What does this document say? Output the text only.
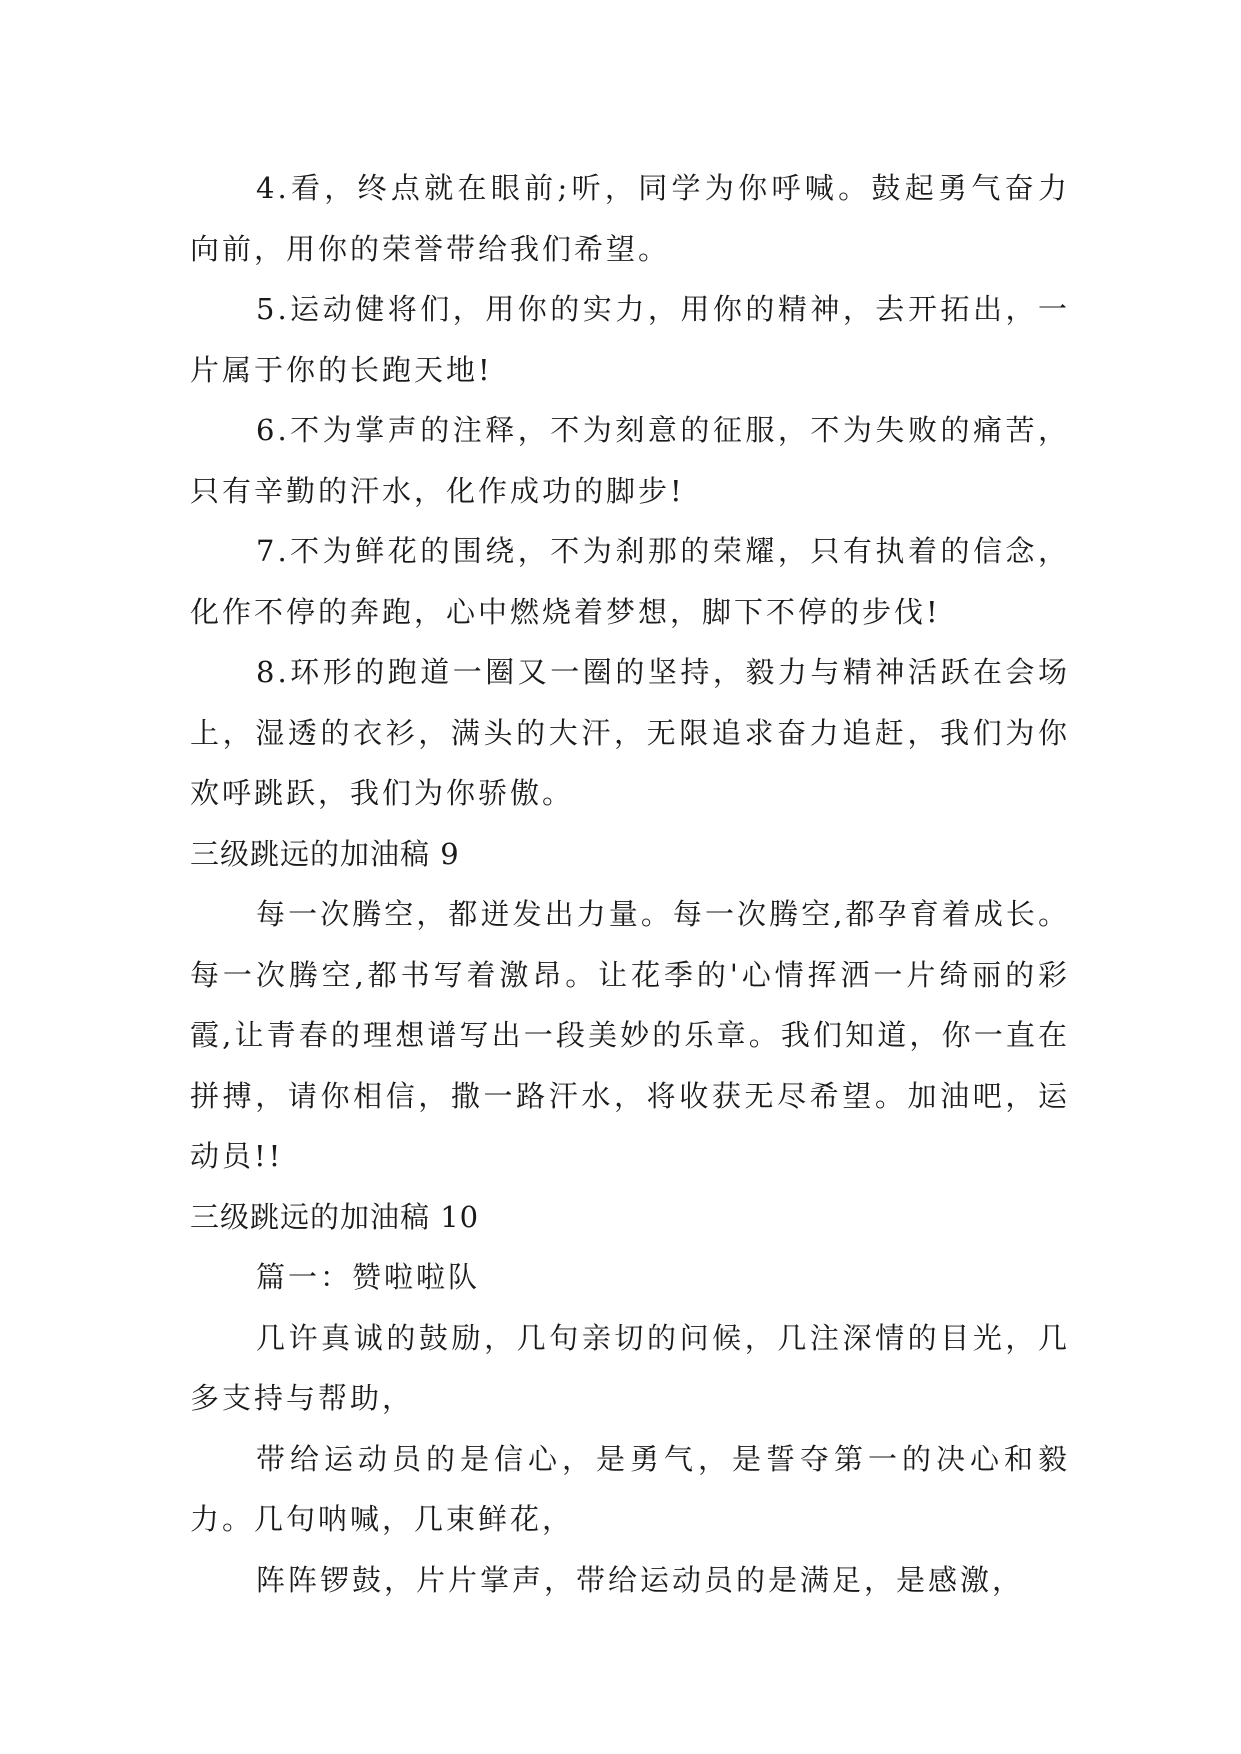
4.看，终点就在眼前;听，同学为你呼喊。鼓起勇气奋力向前，用你的荣誉带给我们希望。

5.运动健将们，用你的实力，用你的精神，去开拓出，一片属于你的长跑天地!

6.不为掌声的注释，不为刻意的征服，不为失败的痛苦，只有辛勤的汗水，化作成功的脚步!

7.不为鲜花的围绕，不为刹那的荣耀，只有执着的信念，化作不停的奔跑，心中燃烧着梦想，脚下不停的步伐!

8.环形的跑道一圈又一圈的坚持，毅力与精神活跃在会场上，湿透的衣衫，满头的大汗，无限追求奋力追赶，我们为你欢呼跳跃，我们为你骄傲。

三级跳远的加油稿 9

每一次腾空，都迸发出力量。每一次腾空,都孕育着成长。每一次腾空,都书写着激昂。让花季的'心情挥洒一片绮丽的彩霞,让青春的理想谱写出一段美妙的乐章。我们知道，你一直在拼搏，请你相信，撒一路汗水，将收获无尽希望。加油吧，运动员!!

三级跳远的加油稿 10

篇一：赞啦啦队

几许真诚的鼓励，几句亲切的问候，几注深情的目光，几多支持与帮助，

带给运动员的是信心，是勇气，是誓夺第一的决心和毅力。几句呐喊，几束鲜花，

阵阵锣鼓，片片掌声，带给运动员的是满足，是感激，
